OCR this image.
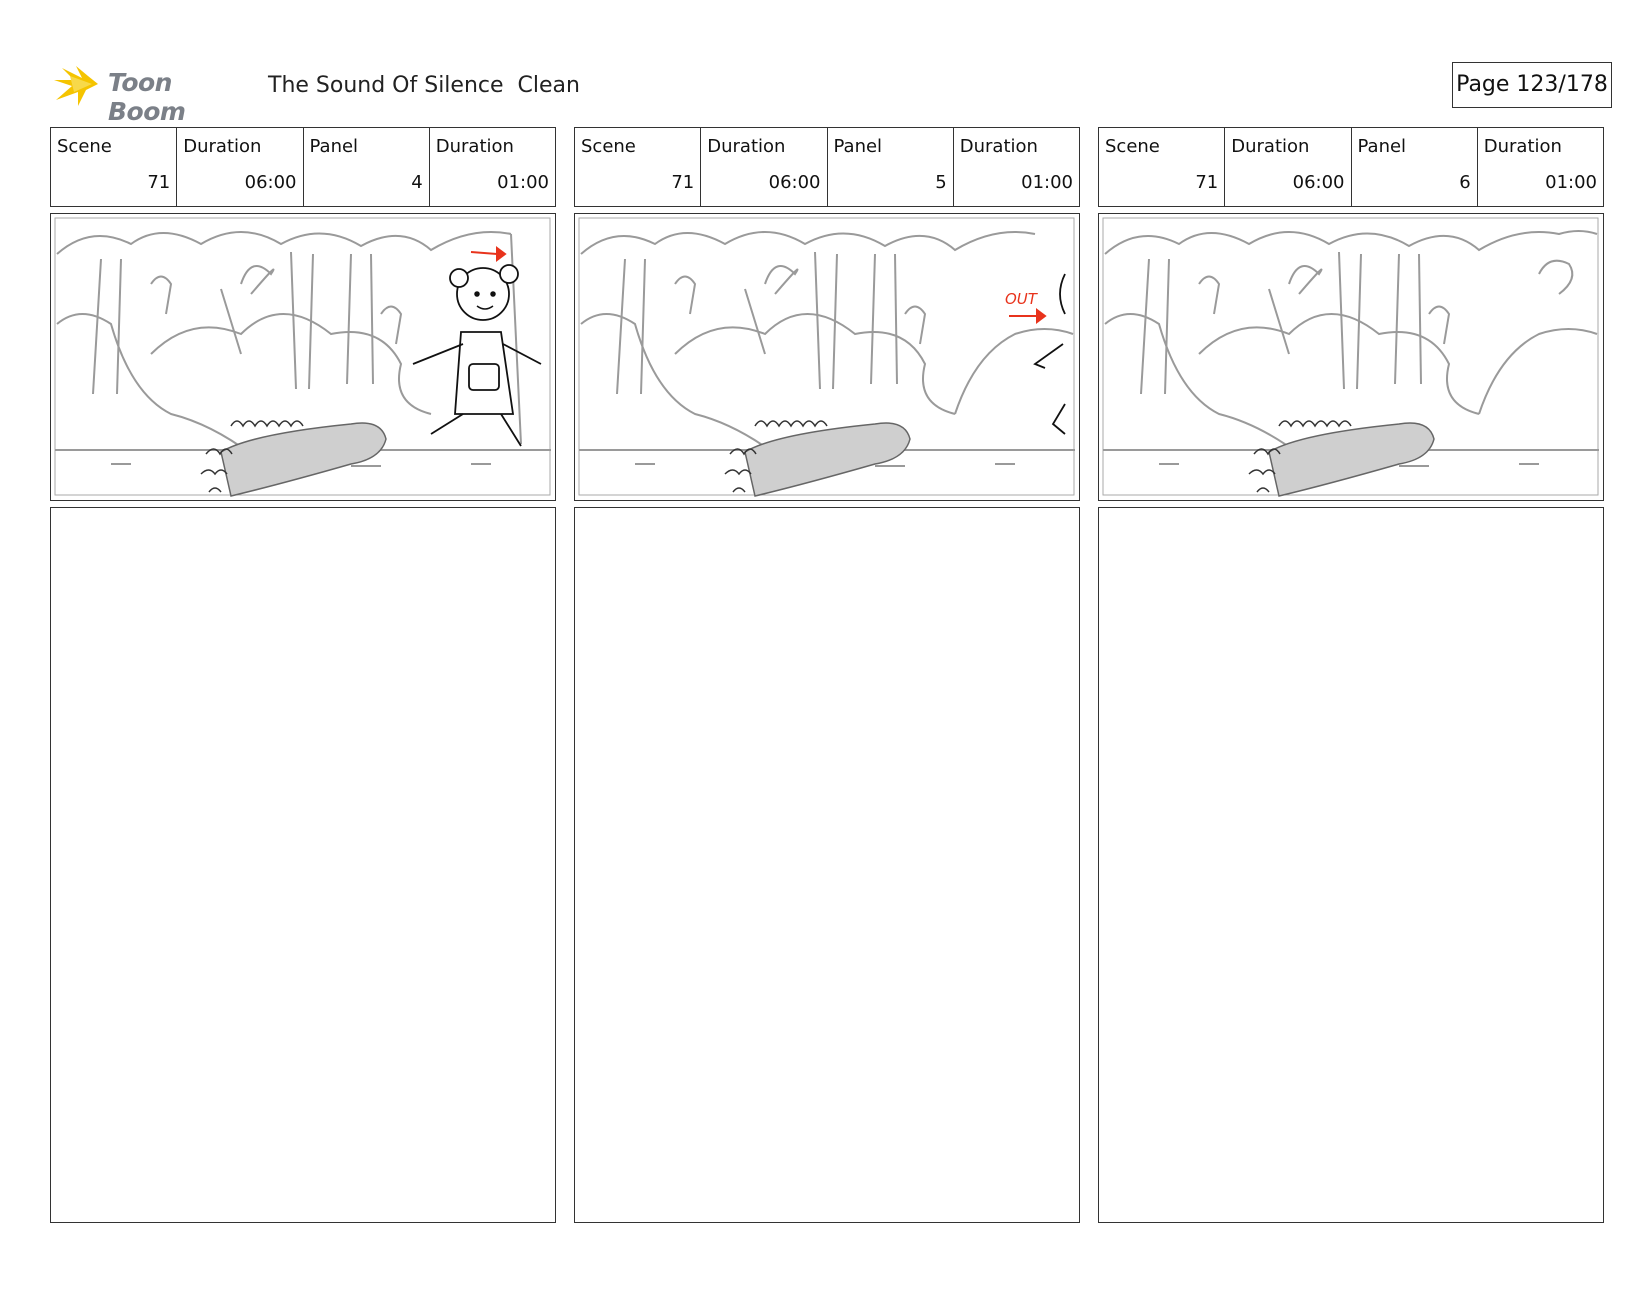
Toon Boom
The Sound Of Silence  Clean	Page 123/178
Scene
71
Duration
06:00
Panel
4
Duration
01:00
Scene
71
Duration
06:00
Panel
5
Duration
01:00
OUT
Scene
71
Duration
06:00
Panel
6
Duration
01:00
